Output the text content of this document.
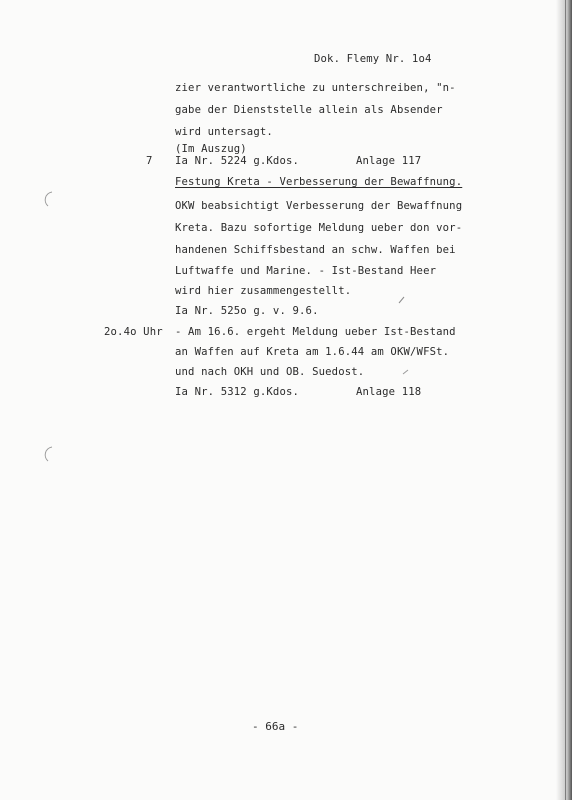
Dok. Flemy Nr. 1o4
zier verantwortliche zu unterschreiben, "n-
gabe der Dienststelle allein als Absender
wird untersagt.
(Im Auszug)
7 Ia Nr. 5224 g.Kdos.	Anlage 117
Festung Kreta - Verbesserung der Bewaffnung.
OKW beabsichtigt Verbesserung der Bewaffnung
Kreta. Bazu sofortige Meldung ueber don vor-
handenen Schiffsbestand an schw. Waffen bei
Luftwaffe und Marine. - Ist-Bestand Heer
wird hier zusammengestellt.
Ia Nr. 525o g. v. 9.6.
2o.4o Uhr - Am 16.6. ergeht Meldung ueber Ist-Bestand
an Waffen auf Kreta am 1.6.44 am OKW/WFSt.
und nach OKH und OB. Suedost.
Ia Nr. 5312 g.Kdos.	Anlage 118
- 66a -
